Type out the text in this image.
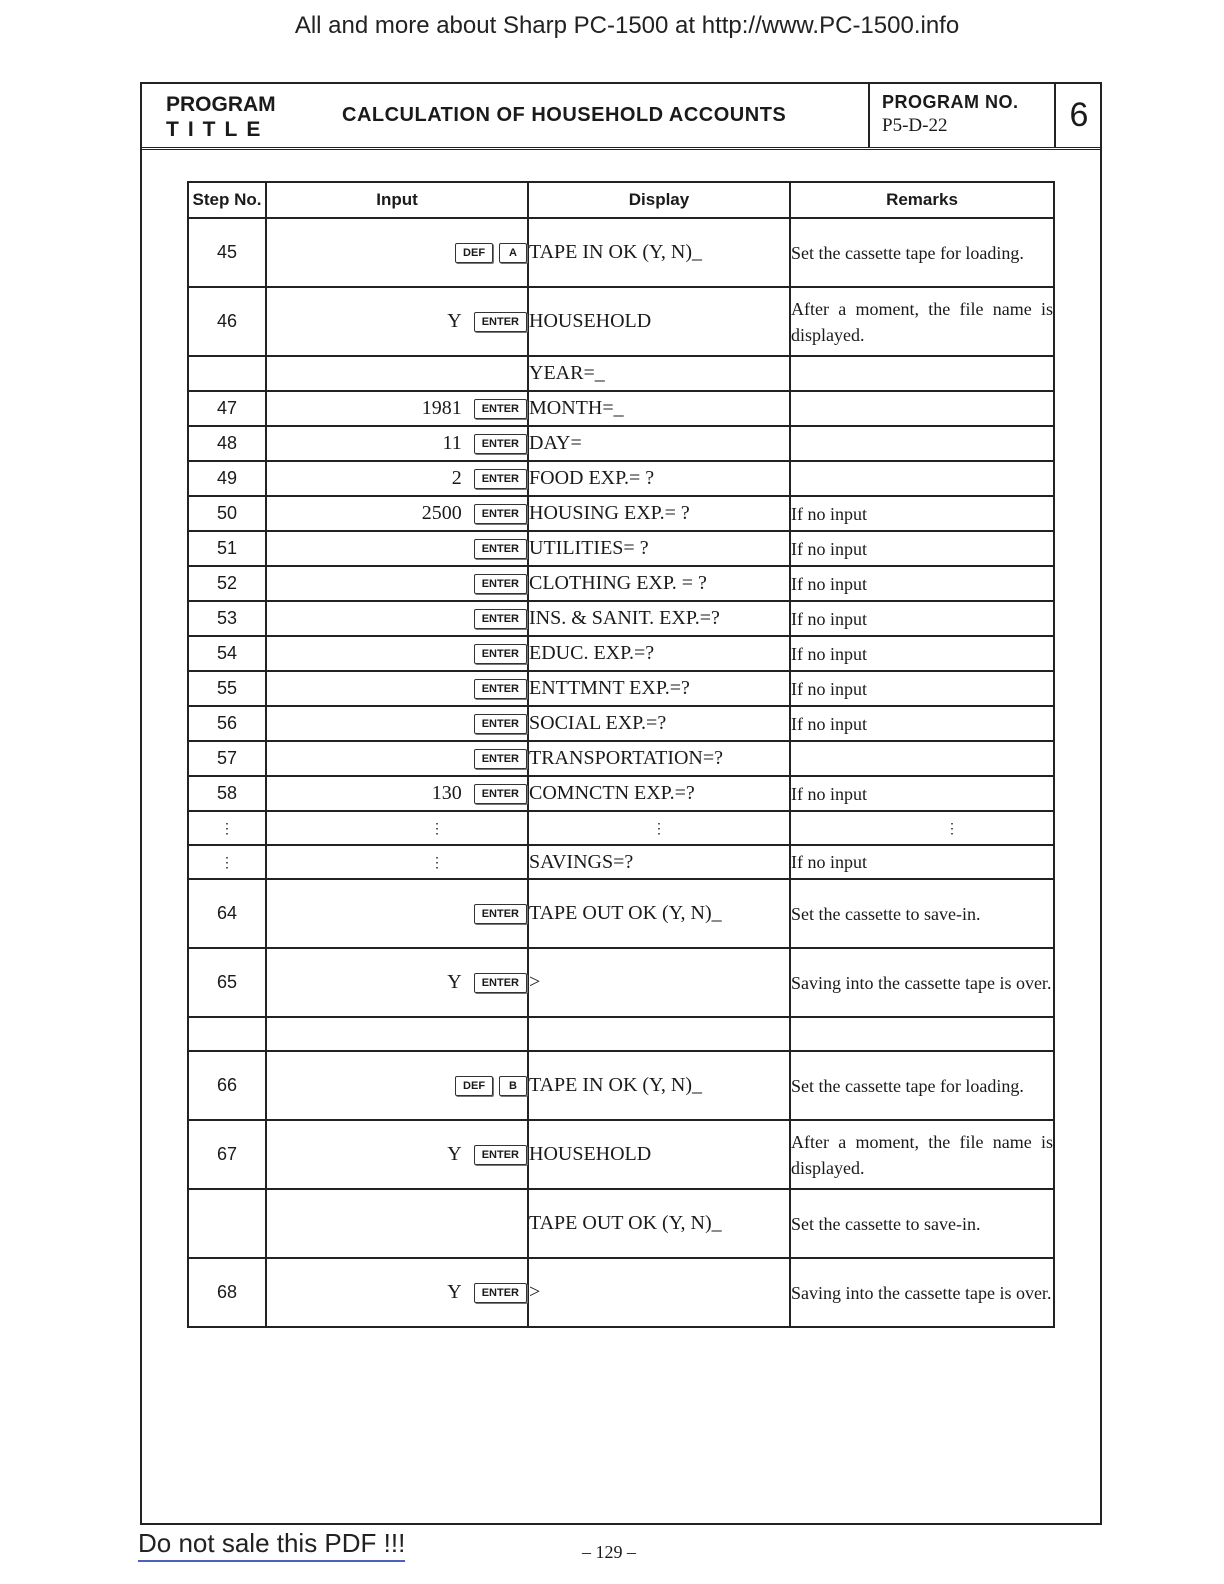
All and more about Sharp PC-1500 at http://www.PC-1500.info
PROGRAM
TITLE
CALCULATION OF HOUSEHOLD ACCOUNTS
PROGRAM NO.
P5-D-22	6
Step No.	Input	Display	Remarks
45	DEF A	TAPE IN OK (Y, N)_	Set the cassette tape for loading.
46	Y ENTER	HOUSEHOLD	After a moment, the file name is displayed.
		YEAR=_	
47	1981 ENTER	MONTH=_	
48	11 ENTER	DAY=	
49	2 ENTER	FOOD EXP.= ?	
50	2500 ENTER	HOUSING EXP.= ?	If no input
51	ENTER	UTILITIES= ?	If no input
52	ENTER	CLOTHING EXP. = ?	If no input
53	ENTER	INS. & SANIT. EXP.=?	If no input
54	ENTER	EDUC. EXP.=?	If no input
55	ENTER	ENTTMNT EXP.=?	If no input
56	ENTER	SOCIAL EXP.=?	If no input
57	ENTER	TRANSPORTATION=?	
58	130 ENTER	COMNCTN EXP.=?	If no input
⋮	⋮	⋮	⋮
⋮	⋮	SAVINGS=?	If no input
64	ENTER	TAPE OUT OK (Y, N)_	Set the cassette to save-in.
65	Y ENTER	>	Saving into the cassette tape is over.

66	DEF B	TAPE IN OK (Y, N)_	Set the cassette tape for loading.
67	Y ENTER	HOUSEHOLD	After a moment, the file name is displayed.
		TAPE OUT OK (Y, N)_	Set the cassette to save-in.
68	Y ENTER	>	Saving into the cassette tape is over.
Do not sale this PDF !!!	– 129 –
